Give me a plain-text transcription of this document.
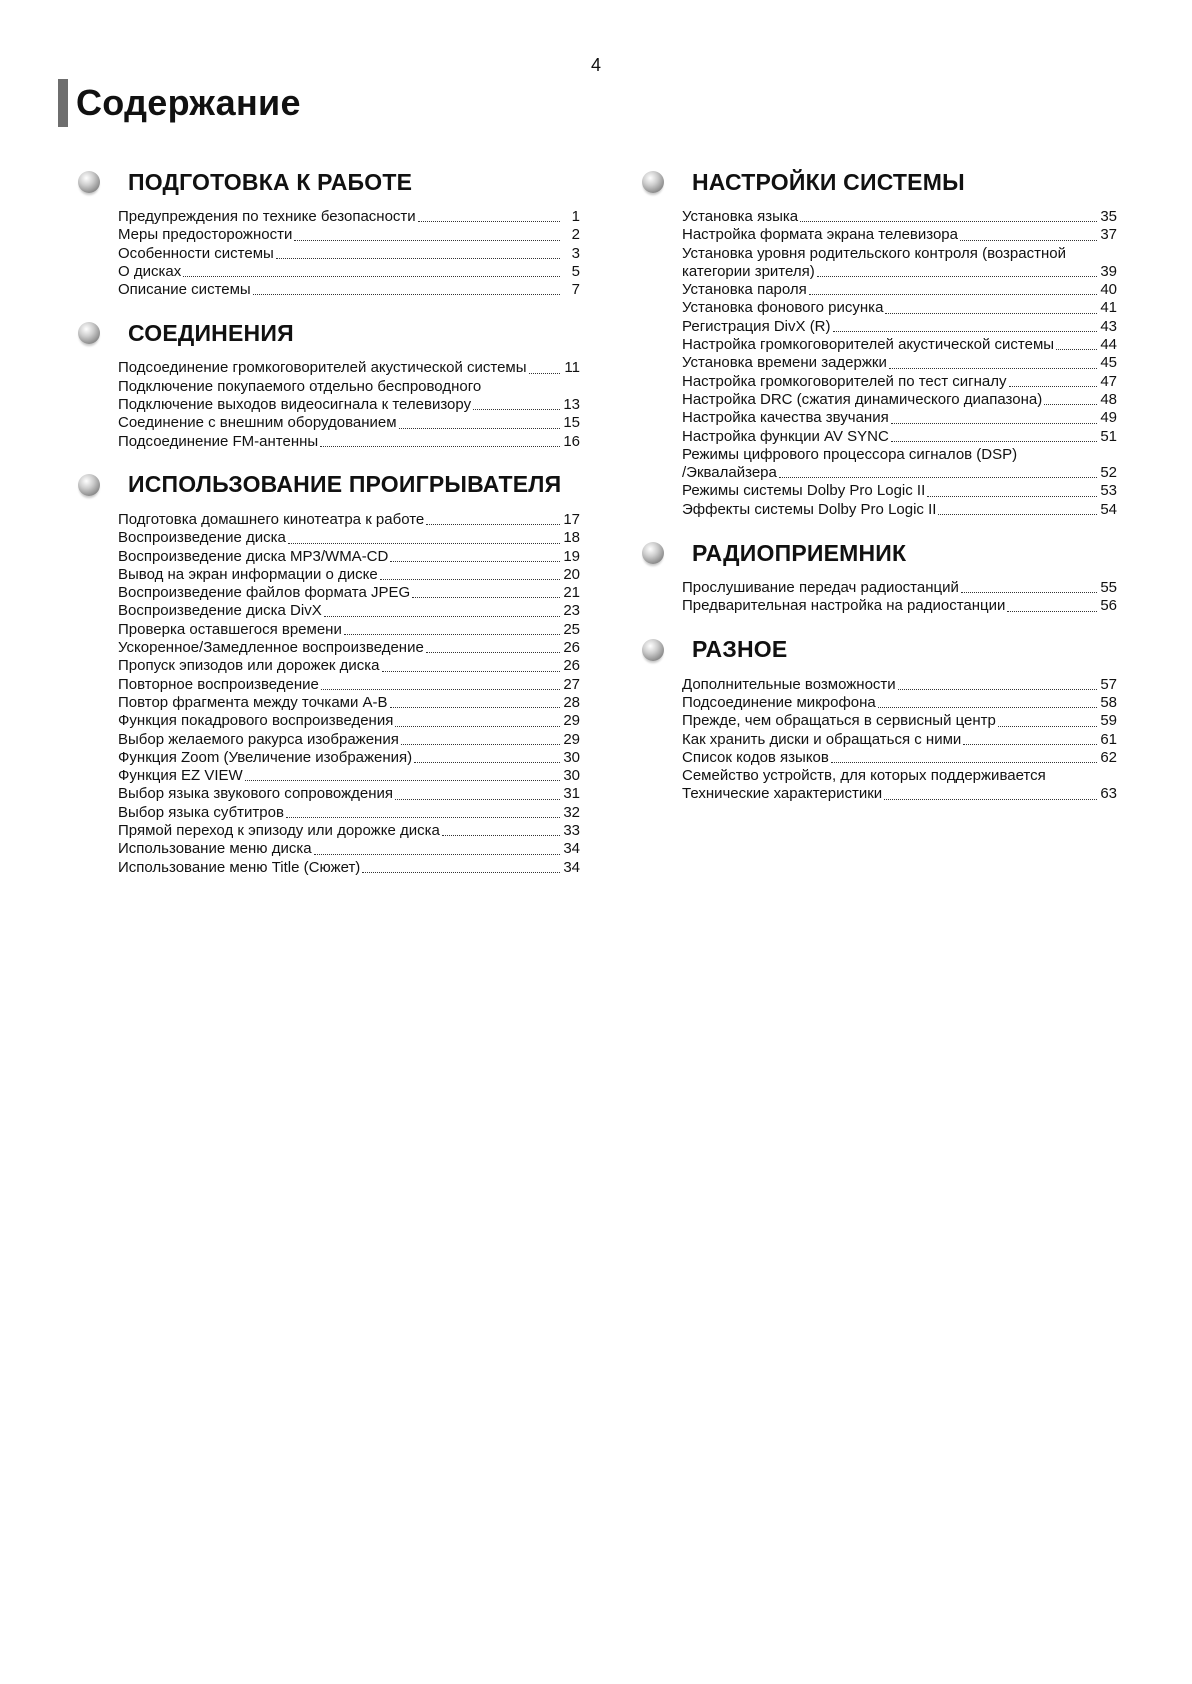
4
Содержание
ПОДГОТОВКА К РАБОТЕ
Предупреждения по технике безопасности	1
Меры предосторожности	2
Особенности системы	3
О дисках	5
Описание системы	7
СОЕДИНЕНИЯ
Подсоединение громкоговорителей акустической системы	11
Подключение покупаемого отдельно беспроводного
Подключение выходов видеосигнала к телевизору	13
Соединение с внешним оборудованием	15
Подсоединение FM-антенны	16
ИСПОЛЬЗОВАНИЕ ПРОИГРЫВАТЕЛЯ
Подготовка домашнего кинотеатра к работе	17
Воспроизведение диска	18
Воспроизведение диска MP3/WMA-CD	19
Вывод на экран информации о диске	20
Воспроизведение файлов формата JPEG	21
Воспроизведение диска DivX	23
Проверка оставшегося времени	25
Ускоренное/Замедленное воспроизведение	26
Пропуск эпизодов или дорожек диска	26
Повторное воспроизведение	27
Повтор фрагмента между точками A-B	28
Функция покадрового воспроизведения	29
Выбор желаемого ракурса изображения	29
Функция Zoom (Увеличение изображения)	30
Функция EZ VIEW	30
Выбор языка звукового сопровождения	31
Выбор языка субтитров	32
Прямой переход к эпизоду или дорожке диска	33
Использование меню диска	34
Использование меню Title (Сюжет)	34
НАСТРОЙКИ СИСТЕМЫ
Установка языка	35
Настройка формата экрана телевизора	37
Установка уровня родительского контроля (возрастной
категории зрителя)	39
Установка пароля	40
Установка фонового рисунка	41
Регистрация DivX (R)	43
Настройка громкоговорителей акустической системы	44
Установка времени задержки	45
Настройка громкоговорителей по тест сигналу	47
Настройка DRC (сжатия динамического диапазона)	48
Настройка качества звучания	49
Настройка функции AV SYNC	51
Режимы цифрового процессора сигналов (DSP)
/Эквалайзера	52
Режимы системы Dolby Pro Logic II	53
Эффекты системы Dolby Pro Logic II	54
РАДИОПРИЕМНИК
Прослушивание передач радиостанций	55
Предварительная настройка на радиостанции	56
РАЗНОЕ
Дополнительные возможности	57
Подсоединение микрофона	58
Прежде, чем обращаться в сервисный центр	59
Как хранить диски и обращаться с ними	61
Список кодов языков	62
Семейство устройств, для которых поддерживается
Технические характеристики	63
